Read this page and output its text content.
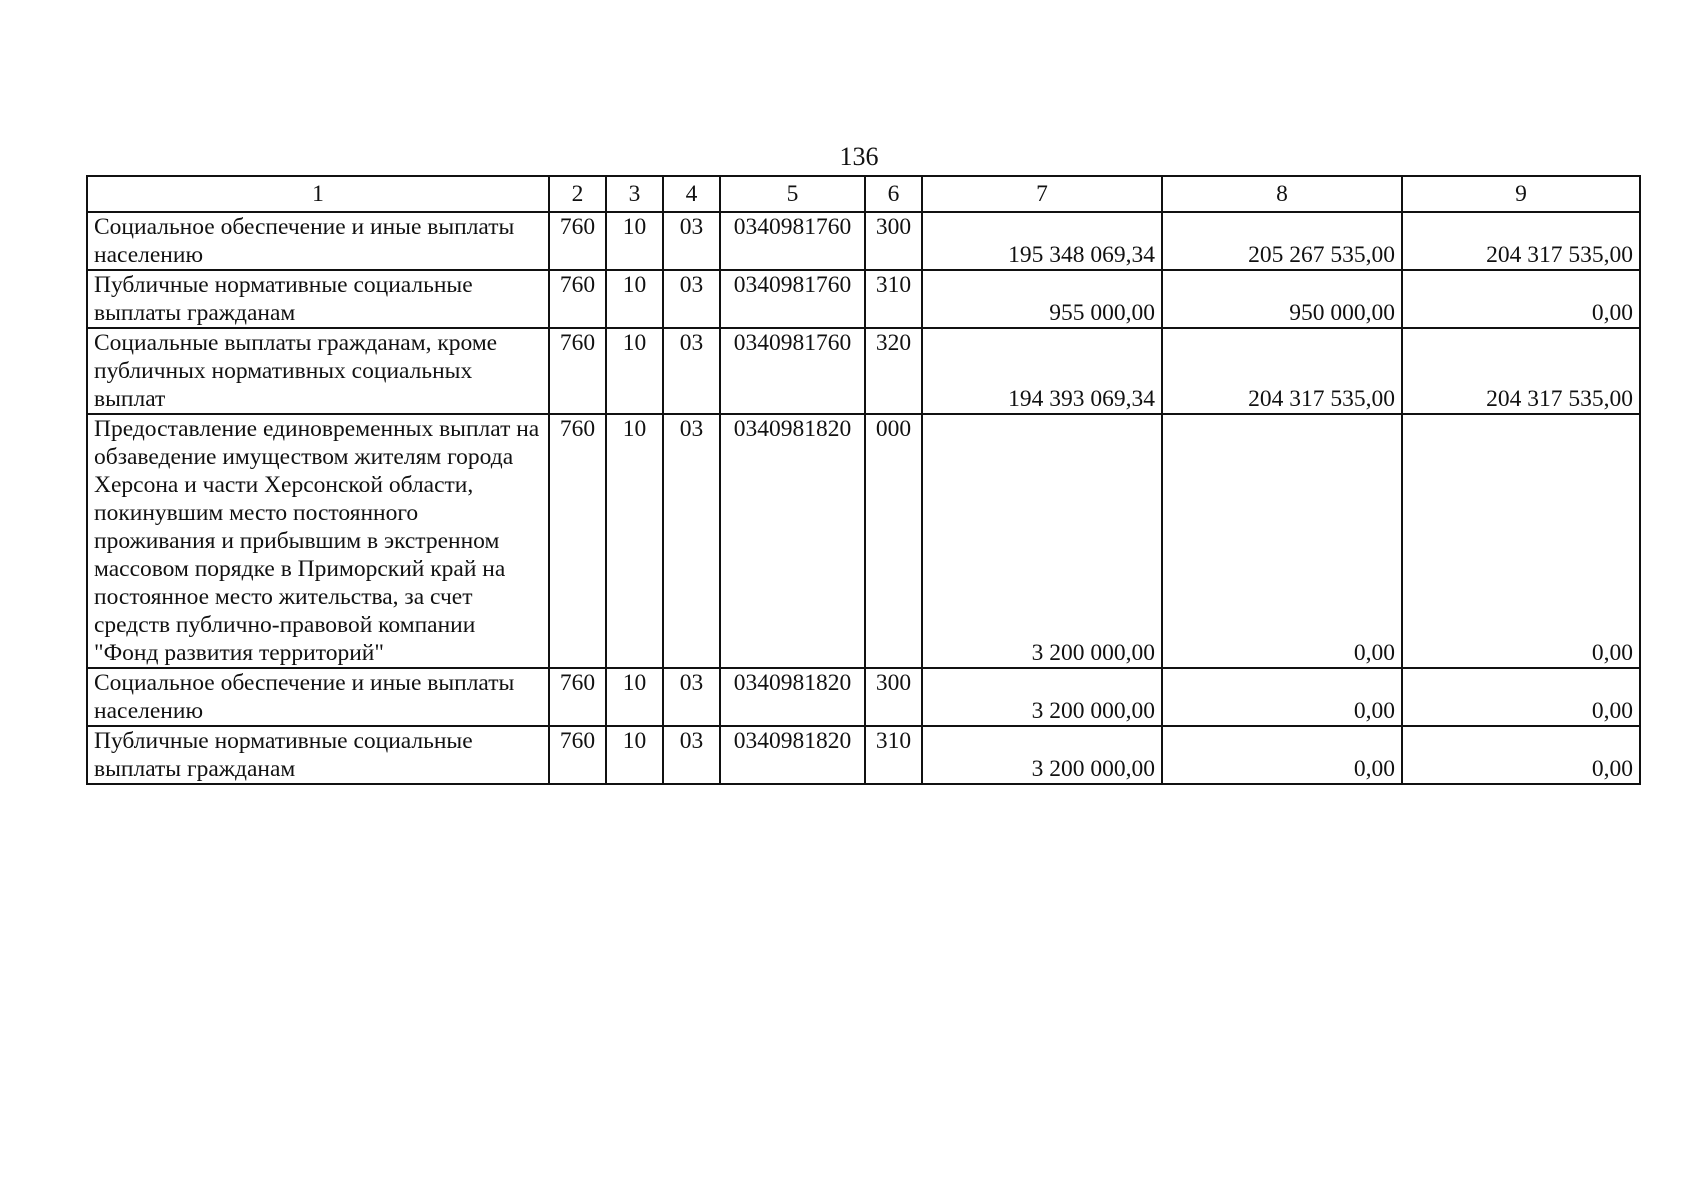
136
1	2	3	4	5	6	7	8	9
Социальное обеспечение и иные выплаты населению	760	10	03	0340981760	300	195 348 069,34	205 267 535,00	204 317 535,00
Публичные нормативные социальные выплаты гражданам	760	10	03	0340981760	310	955 000,00	950 000,00	0,00
Социальные выплаты гражданам, кроме публичных нормативных социальных выплат	760	10	03	0340981760	320	194 393 069,34	204 317 535,00	204 317 535,00
Предоставление единовременных выплат на обзаведение имуществом жителям города Херсона и части Херсонской области, покинувшим место постоянного проживания и прибывшим в экстренном массовом порядке в Приморский край на постоянное место жительства, за счет средств публично-правовой компании "Фонд развития территорий"	760	10	03	0340981820	000	3 200 000,00	0,00	0,00
Социальное обеспечение и иные выплаты населению	760	10	03	0340981820	300	3 200 000,00	0,00	0,00
Публичные нормативные социальные выплаты гражданам	760	10	03	0340981820	310	3 200 000,00	0,00	0,00
